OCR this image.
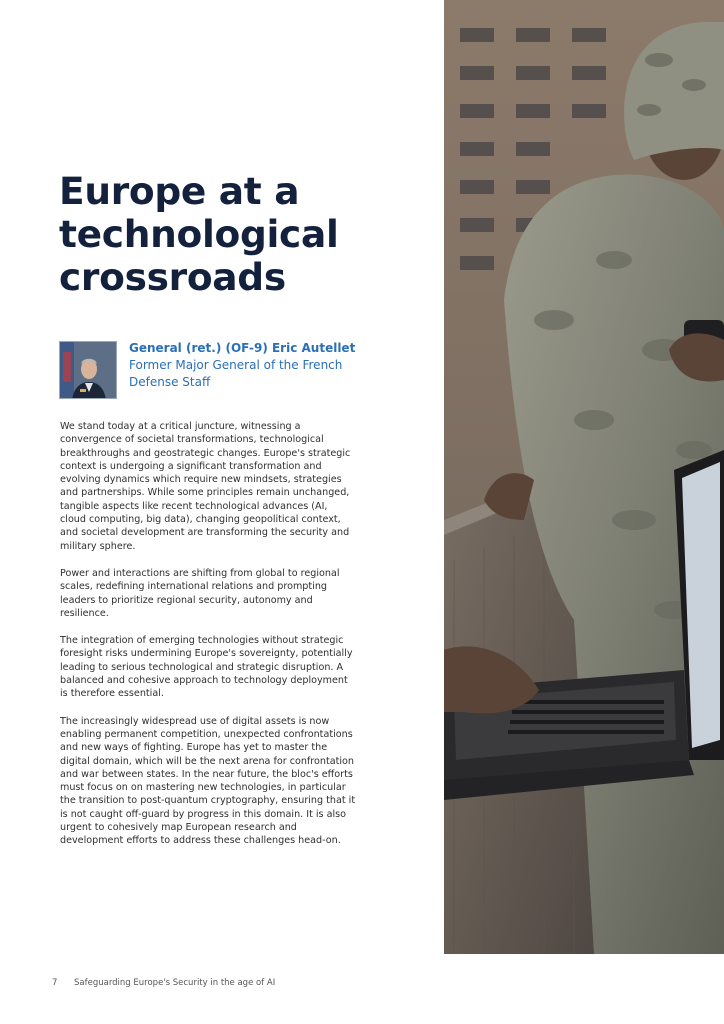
Europe at a
technological
crossroads
General (ret.) (OF-9) Eric Autellet
Former Major General of the French
Defense Staff

We stand today at a critical juncture, witnessing a convergence of societal transformations, technological breakthroughs and geostrategic changes. Europe's strategic context is undergoing a significant transformation and evolving dynamics which require new mindsets, strategies and partnerships. While some principles remain unchanged, tangible aspects like recent technological advances (AI, cloud computing, big data), changing geopolitical context, and societal development are transforming the security and military sphere.

Power and interactions are shifting from global to regional scales, redefining international relations and prompting leaders to prioritize regional security, autonomy and resilience.

The integration of emerging technologies without strategic foresight risks undermining Europe's sovereignty, potentially leading to serious technological and strategic disruption. A balanced and cohesive approach to technology deployment is therefore essential.

The increasingly widespread use of digital assets is now enabling permanent competition, unexpected confrontations and new ways of fighting. Europe has yet to master the digital domain, which will be the next arena for confrontation and war between states. In the near future, the bloc's efforts must focus on on mastering new technologies, in particular the transition to post-quantum cryptography, ensuring that it is not caught off-guard by progress in this domain. It is also urgent to cohesively map European research and development efforts to address these challenges head-on.

7 Safeguarding Europe's Security in the age of AI
